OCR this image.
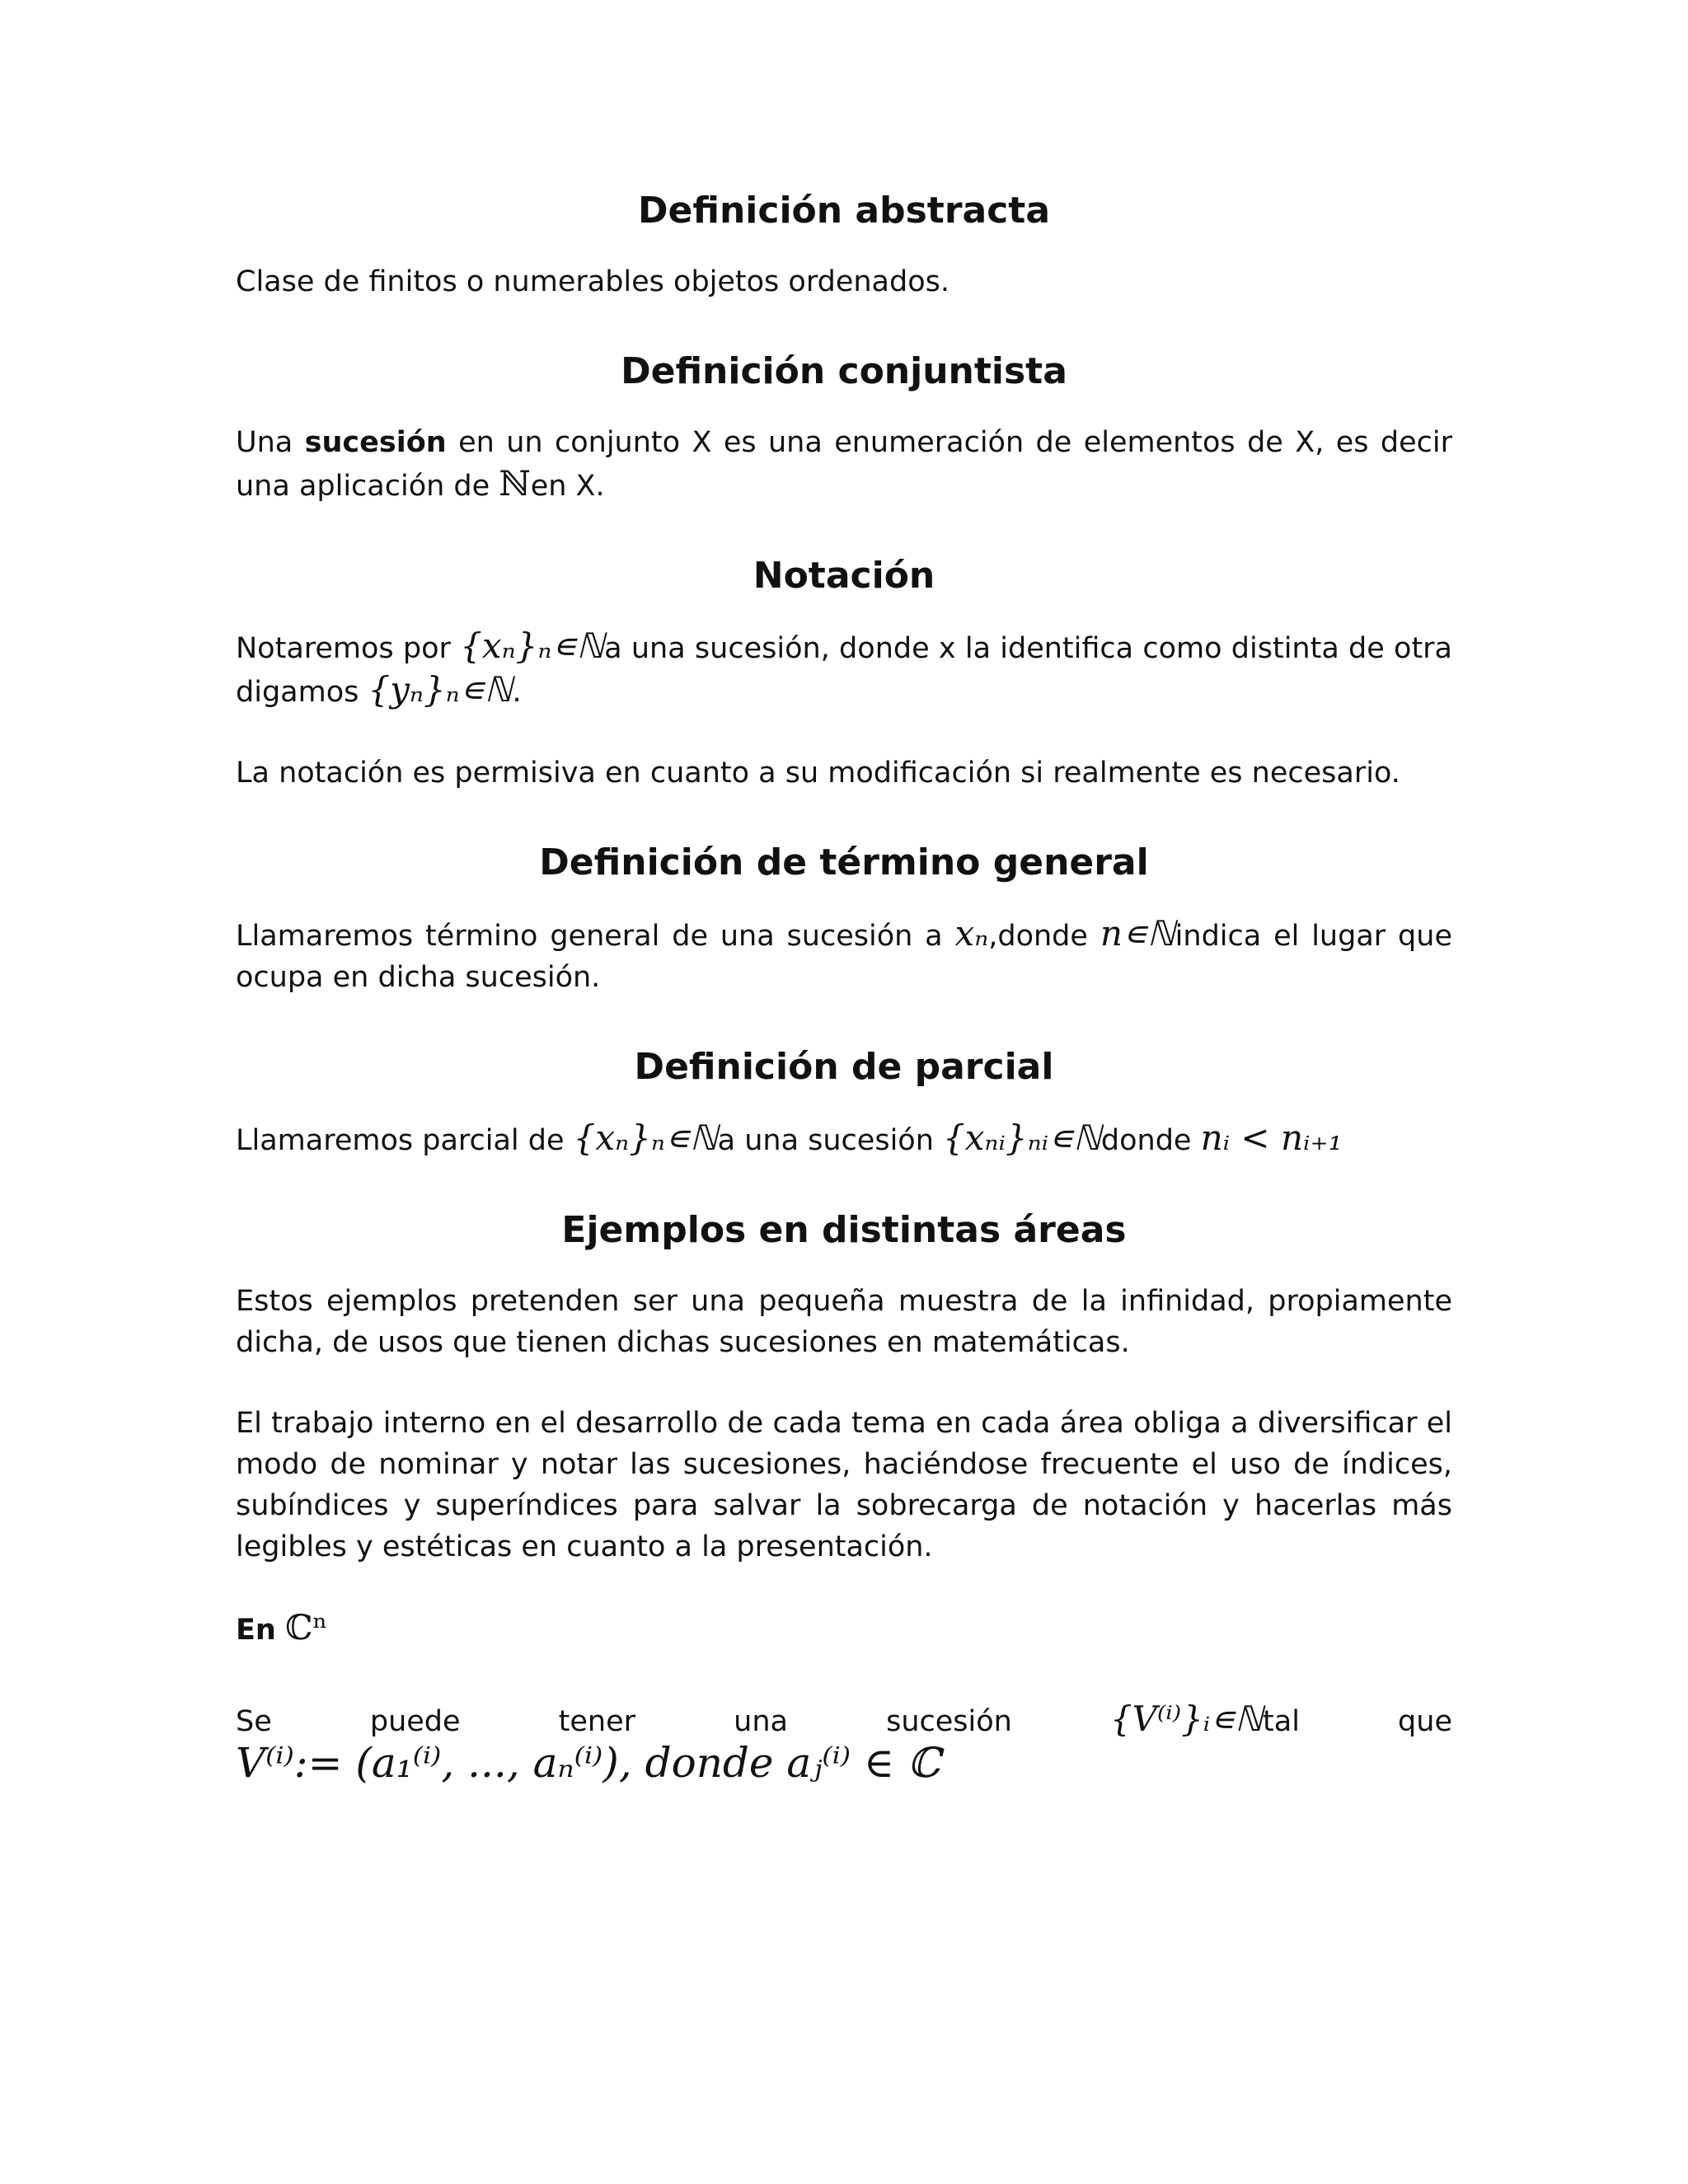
Definición abstracta

Clase de finitos o numerables objetos ordenados.

Definición conjuntista

Una sucesión en un conjunto X es una enumeración de elementos de X, es decir una aplicación de ℕen X.

Notación

Notaremos por {xₙ}ₙ∊ℕa una sucesión, donde x la identifica como distinta de otra digamos {yₙ}ₙ∊ℕ.

La notación es permisiva en cuanto a su modificación si realmente es necesario.

Definición de término general

Llamaremos término general de una sucesión a xₙ,donde n∊ℕindica el lugar que ocupa en dicha sucesión.

Definición de parcial

Llamaremos parcial de {xₙ}ₙ∊ℕa una sucesión {xₙᵢ}ₙᵢ∊ℕdonde nᵢ < nᵢ₊₁

Ejemplos en distintas áreas

Estos ejemplos pretenden ser una pequeña muestra de la infinidad, propiamente dicha, de usos que tienen dichas sucesiones en matemáticas.

El trabajo interno en el desarrollo de cada tema en cada área obliga a diversificar el modo de nominar y notar las sucesiones, haciéndose frecuente el uso de índices, subíndices y superíndices para salvar la sobrecarga de notación y hacerlas más legibles y estéticas en cuanto a la presentación.

En ℂⁿ

Se	puede	tener	una	sucesión	{V⁽ⁱ⁾}ᵢ∊ℕtal	que

V⁽ⁱ⁾:= (a₁⁽ⁱ⁾, ..., aₙ⁽ⁱ⁾), donde aⱼ⁽ⁱ⁾ ∈ ℂ
